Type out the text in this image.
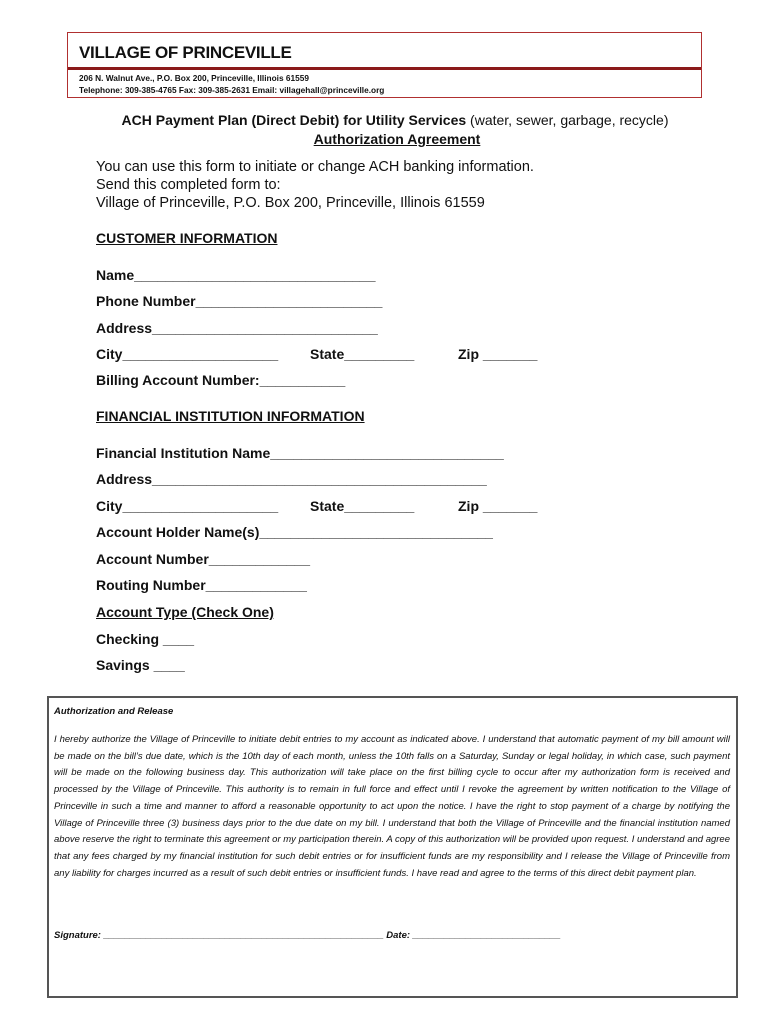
VILLAGE OF PRINCEVILLE
206 N. Walnut Ave., P.O. Box 200, Princeville, Illinois 61559
Telephone: 309-385-4765 Fax: 309-385-2631 Email: villagehall@princeville.org
ACH Payment Plan (Direct Debit) for Utility Services (water, sewer, garbage, recycle)
Authorization Agreement
You can use this form to initiate or change ACH banking information.
Send this completed form to:
Village of Princeville, P.O. Box 200, Princeville, Illinois 61559
CUSTOMER INFORMATION
Name_______________________________
Phone Number________________________
Address_____________________________
City____________________ State_________	Zip _______
Billing Account Number:___________
FINANCIAL INSTITUTION INFORMATION
Financial Institution Name______________________________
Address___________________________________________
City____________________ State_________	Zip _______
Account Holder Name(s)______________________________
Account Number_____________
Routing Number_____________
Account Type (Check One)
Checking ____
Savings ____
Authorization and Release
I hereby authorize the Village of Princeville to initiate debit entries to my account as indicated above. I understand that automatic payment of my bill amount will be made on the bill’s due date, which is the 10th day of each month, unless the 10th falls on a Saturday, Sunday or legal holiday, in which case, such payment will be made on the following business day. This authorization will take place on the first billing cycle to occur after my authorization form is received and processed by the Village of Princeville. This authority is to remain in full force and effect until I revoke the agreement by written notification to the Village of Princeville in such a time and manner to afford a reasonable opportunity to act upon the notice. I have the right to stop payment of a charge by notifying the Village of Princeville three (3) business days prior to the due date on my bill. I understand that both the Village of Princeville and the financial institution named above reserve the right to terminate this agreement or my participation therein. A copy of this authorization will be provided upon request. I understand and agree that any fees charged by my financial institution for such debit entries or for insufficient funds are my responsibility and I release the Village of Princeville from any liability for charges incurred as a result of such debit entries or insufficient funds. I have read and agree to the terms of this direct debit payment plan.
Signature: _____________________________________________________ Date: ____________________________
